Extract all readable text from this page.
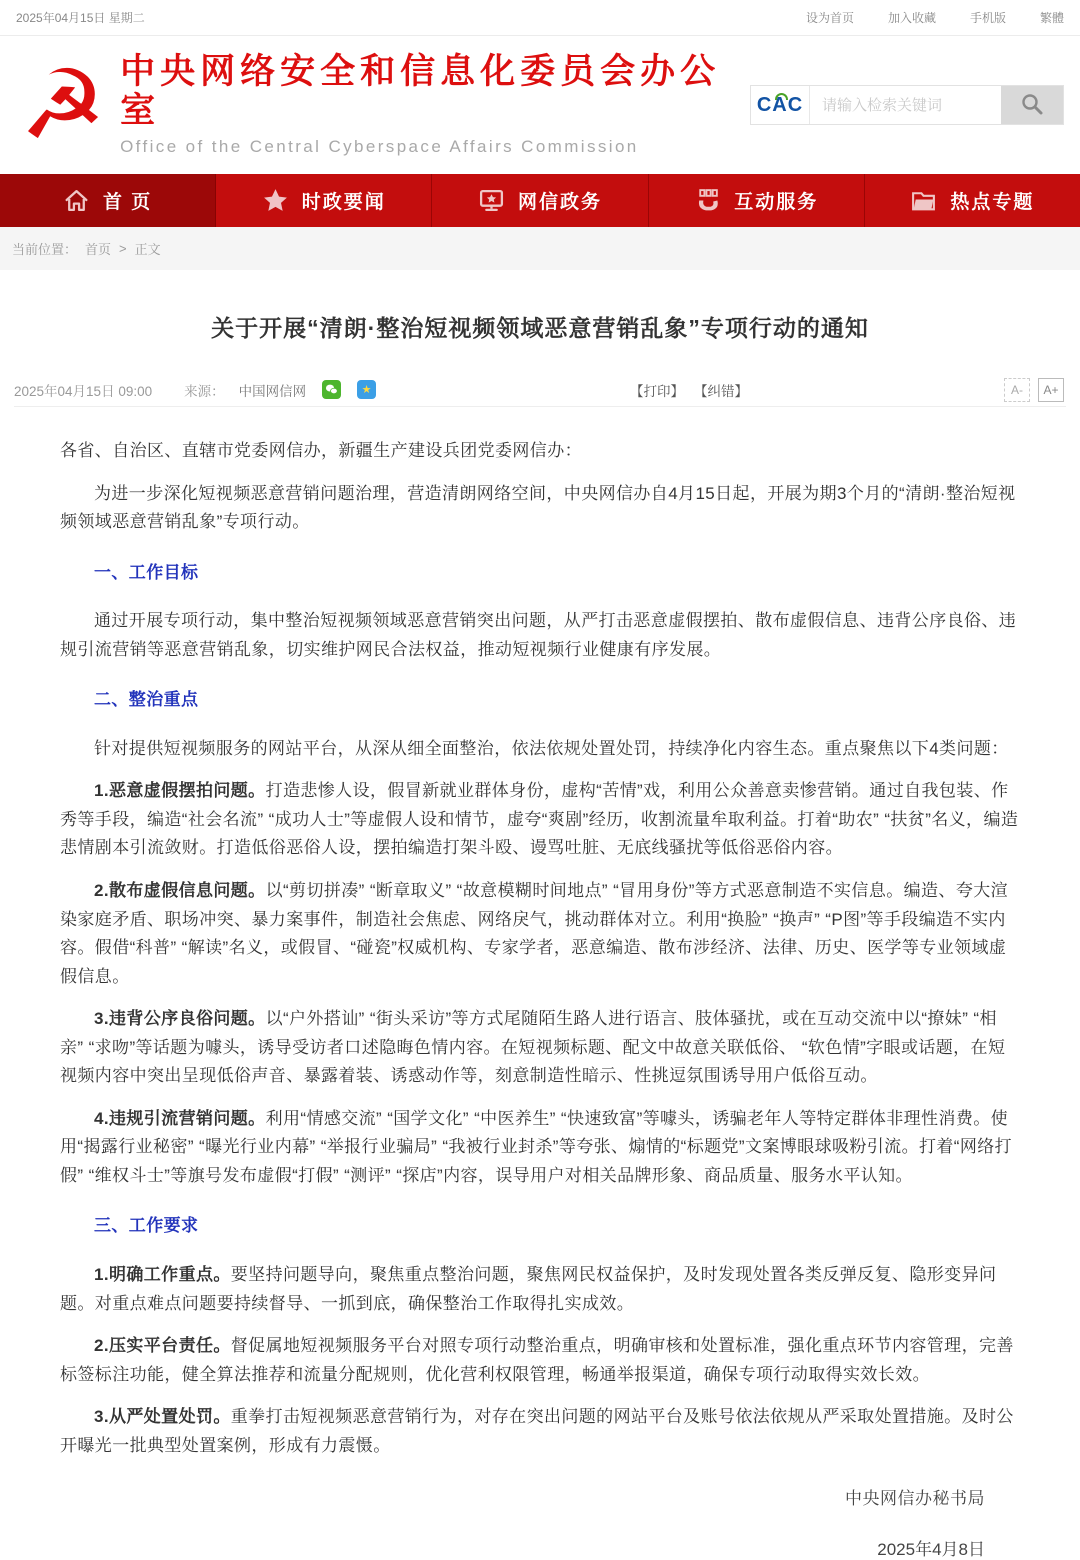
2025年04月15日 星期二	设为首页	加入收藏	手机版	繁體
☭ 中央网络安全和信息化委员会办公室
Office of the Central Cyberspace Affairs Commission
CAC
请输入检索关键词
首 页	时政要闻	网信政务	互动服务	热点专题
当前位置： 首页 > 正文
关于开展“清朗·整治短视频领域恶意营销乱象”专项行动的通知
2025年04月15日 09:00 来源： 中国网信网	★	【打印】 【纠错】	A-	A+

各省、自治区、直辖市党委网信办，新疆生产建设兵团党委网信办：

为进一步深化短视频恶意营销问题治理，营造清朗网络空间，中央网信办自4月15日起，开展为期3个月的“清朗·整治短视频领域恶意营销乱象”专项行动。

一、工作目标

通过开展专项行动，集中整治短视频领域恶意营销突出问题，从严打击恶意虚假摆拍、散布虚假信息、违背公序良俗、违规引流营销等恶意营销乱象，切实维护网民合法权益，推动短视频行业健康有序发展。

二、整治重点

针对提供短视频服务的网站平台，从深从细全面整治，依法依规处置处罚，持续净化内容生态。重点聚焦以下4类问题：

1.恶意虚假摆拍问题。打造悲惨人设，假冒新就业群体身份，虚构“苦情”戏，利用公众善意卖惨营销。通过自我包装、作秀等手段，编造“社会名流” “成功人士”等虚假人设和情节，虚夸“爽剧”经历，收割流量牟取利益。打着“助农” “扶贫”名义，编造悲情剧本引流敛财。打造低俗恶俗人设，摆拍编造打架斗殴、谩骂吐脏、无底线骚扰等低俗恶俗内容。

2.散布虚假信息问题。以“剪切拼凑” “断章取义” “故意模糊时间地点” “冒用身份”等方式恶意制造不实信息。编造、夸大渲染家庭矛盾、职场冲突、暴力案事件，制造社会焦虑、网络戾气，挑动群体对立。利用“换脸” “换声” “P图”等手段编造不实内容。假借“科普” “解读”名义，或假冒、“碰瓷”权威机构、专家学者，恶意编造、散布涉经济、法律、历史、医学等专业领域虚假信息。

3.违背公序良俗问题。以“户外搭讪” “街头采访”等方式尾随陌生路人进行语言、肢体骚扰，或在互动交流中以“撩妹” “相亲” “求吻”等话题为噱头，诱导受访者口述隐晦色情内容。在短视频标题、配文中故意关联低俗、 “软色情”字眼或话题，在短视频内容中突出呈现低俗声音、暴露着装、诱惑动作等，刻意制造性暗示、性挑逗氛围诱导用户低俗互动。

4.违规引流营销问题。利用“情感交流” “国学文化” “中医养生” “快速致富”等噱头，诱骗老年人等特定群体非理性消费。使用“揭露行业秘密” “曝光行业内幕” “举报行业骗局” “我被行业封杀”等夸张、煽情的“标题党”文案博眼球吸粉引流。打着“网络打假” “维权斗士”等旗号发布虚假“打假” “测评” “探店”内容，误导用户对相关品牌形象、商品质量、服务水平认知。

三、工作要求

1.明确工作重点。要坚持问题导向，聚焦重点整治问题，聚焦网民权益保护，及时发现处置各类反弹反复、隐形变异问题。对重点难点问题要持续督导、一抓到底，确保整治工作取得扎实成效。

2.压实平台责任。督促属地短视频服务平台对照专项行动整治重点，明确审核和处置标准，强化重点环节内容管理，完善标签标注功能，健全算法推荐和流量分配规则，优化营利权限管理，畅通举报渠道，确保专项行动取得实效长效。

3.从严处置处罚。重拳打击短视频恶意营销行为，对存在突出问题的网站平台及账号依法依规从严采取处置措施。及时公开曝光一批典型处置案例，形成有力震慑。

中央网信办秘书局
2025年4月8日
